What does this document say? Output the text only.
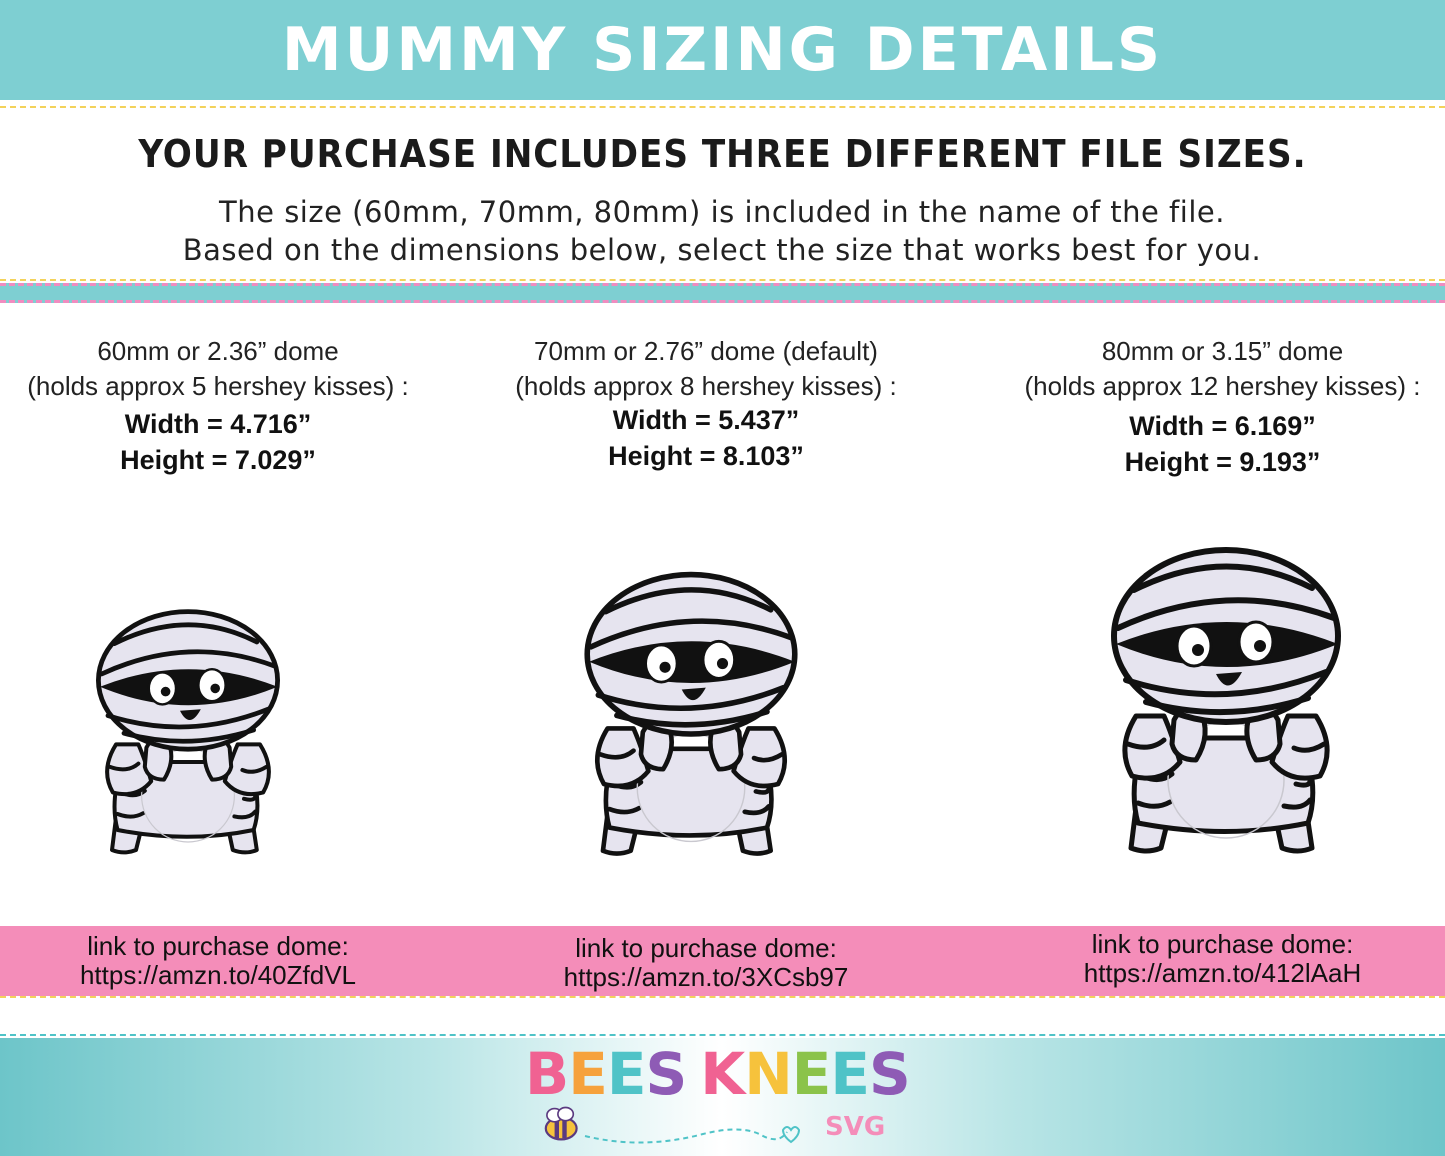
MUMMY SIZING DETAILS
YOUR PURCHASE INCLUDES THREE DIFFERENT FILE SIZES.
The size (60mm, 70mm, 80mm) is included in the name of the file.
Based on the dimensions below, select the size that works best for you.
60mm or 2.36” dome
(holds approx 5 hershey kisses) :
Width = 4.716”
Height = 7.029”
70mm or 2.76” dome (default)
(holds approx 8 hershey kisses) :
Width = 5.437”
Height = 8.103”
80mm or 3.15” dome
(holds approx 12 hershey kisses) :
Width = 6.169”
Height = 9.193”
link to purchase dome:
https://amzn.to/40ZfdVL
link to purchase dome:
https://amzn.to/3XCsb97
link to purchase dome:
https://amzn.to/412lAaH
BEES KNEES
SVG
